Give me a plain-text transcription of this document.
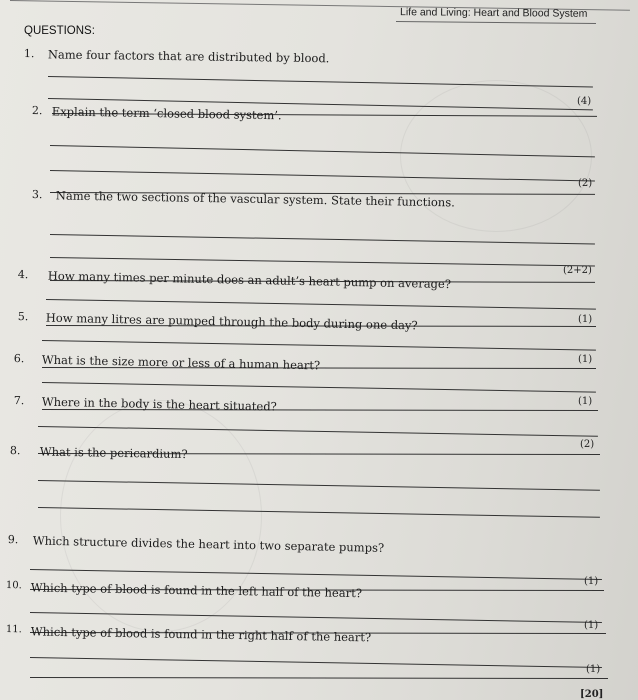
Life and Living: Heart and Blood System
QUESTIONS:
1. Name four factors that are distributed by blood.
(4)
2. Explain the term ‘closed blood system’.
(2)
3. Name the two sections of the vascular system. State their functions.
(2+2)
4. How many times per minute does an adult’s heart pump on average?
(1)
5. How many litres are pumped through the body during one day?
(1)
6. What is the size more or less of a human heart?
(1)
7. Where in the body is the heart situated?
(2)
8. What is the pericardium?
9. Which structure divides the heart into two separate pumps?
(1)
10. Which type of blood is found in the left half of the heart?
(1)
11. Which type of blood is found in the right half of the heart?
(1)
[20]
